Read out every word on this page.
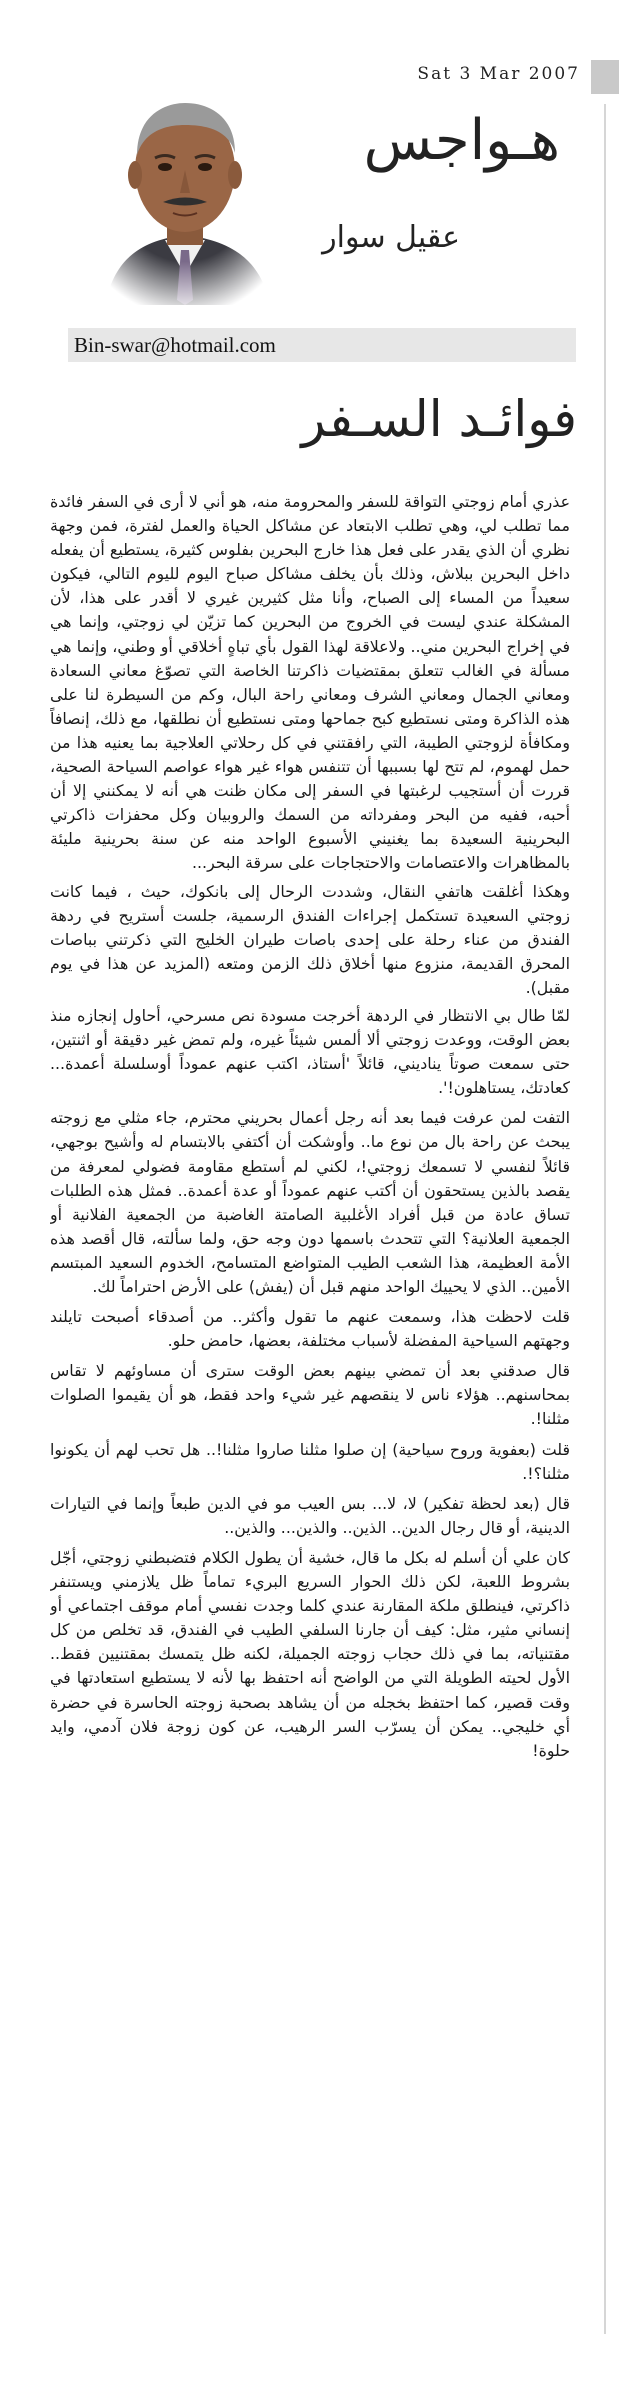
Sat 3 Mar 2007
هـواجس
عقيل سوار
Bin-swar@hotmail.com
فوائـد السـفر

عذري أمام زوجتي التواقة للسفر والمحرومة منه، هو أني لا أرى في السفر فائدة مما تطلب لي، وهي تطلب الابتعاد عن مشاكل الحياة والعمل لفترة، فمن وجهة نظري أن الذي يقدر على فعل هذا خارج البحرين بفلوس كثيرة، يستطيع أن يفعله داخل البحرين ببلاش، وذلك بأن يخلف مشاكل صباح اليوم لليوم التالي، فيكون سعيداً من المساء إلى الصباح، وأنا مثل كثيرين غيري لا أقدر على هذا، لأن المشكلة عندي ليست في الخروج من البحرين كما تزيّن لي زوجتي، وإنما هي في إخراج البحرين مني.. ولاعلاقة لهذا القول بأي تباهٍ أخلاقي أو وطني، وإنما هي مسألة في الغالب تتعلق بمقتضيات ذاكرتنا الخاصة التي تصوّغ معاني السعادة ومعاني الجمال ومعاني الشرف ومعاني راحة البال، وكم من السيطرة لنا على هذه الذاكرة ومتى نستطيع كبح جماحها ومتى نستطيع أن نطلقها، مع ذلك، إنصافاً ومكافأة لزوجتي الطيبة، التي رافقتني في كل رحلاتي العلاجية بما يعنيه هذا من حمل لهموم، لم تتح لها بسببها أن تتنفس هواء غير هواء عواصم السياحة الصحية، قررت أن أستجيب لرغبتها في السفر إلى مكان ظنت هي أنه لا يمكنني إلا أن أحبه، ففيه من البحر ومفرداته من السمك والروبيان وكل محفزات ذاكرتي البحرينية السعيدة بما يغنيني الأسبوع الواحد منه عن سنة بحرينية مليئة بالمظاهرات والاعتصامات والاحتجاجات على سرقة البحر...

وهكذا أغلقت هاتفي النقال، وشددت الرحال إلى بانكوك، حيث ، فيما كانت زوجتي السعيدة تستكمل إجراءات الفندق الرسمية، جلست أستريح في ردهة الفندق من عناء رحلة على إحدى باصات طيران الخليج التي ذكرتني بباصات المحرق القديمة، منزوع منها أخلاق ذلك الزمن ومتعه (المزيد عن هذا في يوم مقبل).

لمّا طال بي الانتظار في الردهة أخرجت مسودة نص مسرحي، أحاول إنجازه منذ بعض الوقت، ووعدت زوجتي ألا ألمس شيئاً غيره، ولم تمض غير دقيقة أو اثنتين، حتى سمعت صوتاً يناديني، قائلاً 'أستاذ، اكتب عنهم عموداً أوسلسلة أعمدة... كعادتك، يستاهلون!'.

التفت لمن عرفت فيما بعد أنه رجل أعمال بحريني محترم، جاء مثلي مع زوجته يبحث عن راحة بال من نوع ما.. وأوشكت أن أكتفي بالابتسام له وأشيح بوجهي، قائلاً لنفسي لا تسمعك زوجتي!، لكني لم أستطع مقاومة فضولي لمعرفة من يقصد بالذين يستحقون أن أكتب عنهم عموداً أو عدة أعمدة.. فمثل هذه الطلبات تساق عادة من قبل أفراد الأغلبية الصامتة الغاضبة من الجمعية الفلانية أو الجمعية العلانية؟ التي تتحدث باسمها دون وجه حق، ولما سألته، قال أقصد هذه الأمة العظيمة، هذا الشعب الطيب المتواضع المتسامح، الخدوم السعيد المبتسم الأمين.. الذي لا يحييك الواحد منهم قبل أن (يفش) على الأرض احتراماً لك.

قلت لاحظت هذا، وسمعت عنهم ما تقول وأكثر.. من أصدقاء أصبحت تايلند وجهتهم السياحية المفضلة لأسباب مختلفة، بعضها، حامض حلو.

قال صدقني بعد أن تمضي بينهم بعض الوقت سترى أن مساوئهم لا تقاس بمحاسنهم.. هؤلاء ناس لا ينقصهم غير شيء واحد فقط، هو أن يقيموا الصلوات مثلنا!.

قلت (بعفوية وروح سياحية) إن صلوا مثلنا صاروا مثلنا!.. هل تحب لهم أن يكونوا مثلنا؟!.

قال (بعد لحظة تفكير) لا، لا... بس العيب مو في الدين طبعاً وإنما في التيارات الدينية، أو قال رجال الدين.. الذين.. والذين... والذين..

كان علي أن أسلم له بكل ما قال، خشية أن يطول الكلام فتضبطني زوجتي، أجّل بشروط اللعبة، لكن ذلك الحوار السريع البريء تماماً ظل يلازمني ويستنفر ذاكرتي، فينطلق ملكة المقارنة عندي كلما وجدت نفسي أمام موقف اجتماعي أو إنساني مثير، مثل: كيف أن جارنا السلفي الطيب في الفندق، قد تخلص من كل مقتنياته، بما في ذلك حجاب زوجته الجميلة، لكنه ظل يتمسك بمقتنيين فقط.. الأول لحيته الطويلة التي من الواضح أنه احتفظ بها لأنه لا يستطيع استعادتها في وقت قصير، كما احتفظ بخجله من أن يشاهد بصحبة زوجته الحاسرة في حضرة أي خليجي.. يمكن أن يسرّب السر الرهيب، عن كون زوجة فلان آدمي، وايد حلوة!
